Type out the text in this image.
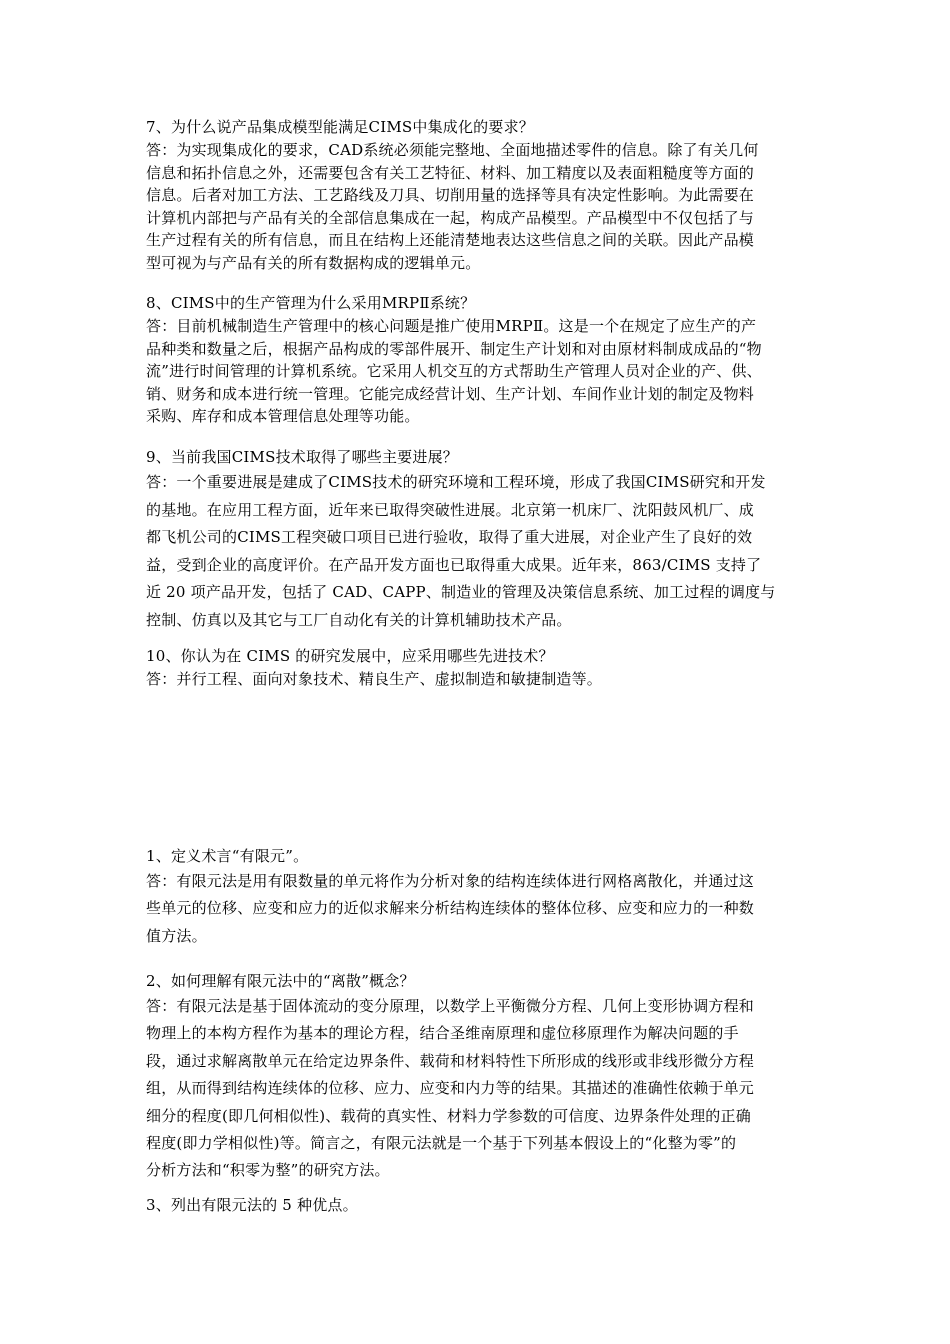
7、为什么说产品集成模型能满足CIMS中集成化的要求？
答：为实现集成化的要求，CAD系统必须能完整地、全面地描述零件的信息。除了有关几何
信息和拓扑信息之外，还需要包含有关工艺特征、材料、加工精度以及表面粗糙度等方面的
信息。后者对加工方法、工艺路线及刀具、切削用量的选择等具有决定性影响。为此需要在
计算机内部把与产品有关的全部信息集成在一起，构成产品模型。产品模型中不仅包括了与
生产过程有关的所有信息，而且在结构上还能清楚地表达这些信息之间的关联。因此产品模
型可视为与产品有关的所有数据构成的逻辑单元。
8、CIMS中的生产管理为什么采用MRPⅡ系统？
答：目前机械制造生产管理中的核心问题是推广使用MRPⅡ。这是一个在规定了应生产的产
品种类和数量之后，根据产品构成的零部件展开、制定生产计划和对由原材料制成成品的“物
流”进行时间管理的计算机系统。它采用人机交互的方式帮助生产管理人员对企业的产、供、
销、财务和成本进行统一管理。它能完成经营计划、生产计划、车间作业计划的制定及物料
采购、库存和成本管理信息处理等功能。
9、当前我国CIMS技术取得了哪些主要进展？
答：一个重要进展是建成了CIMS技术的研究环境和工程环境，形成了我国CIMS研究和开发
的基地。在应用工程方面，近年来已取得突破性进展。北京第一机床厂、沈阳鼓风机厂、成
都飞机公司的CIMS工程突破口项目已进行验收，取得了重大进展，对企业产生了良好的效
益，受到企业的高度评价。在产品开发方面也已取得重大成果。近年来，863/CIMS 支持了
近 20 项产品开发，包括了 CAD、CAPP、制造业的管理及决策信息系统、加工过程的调度与
控制、仿真以及其它与工厂自动化有关的计算机辅助技术产品。
10、你认为在 CIMS 的研究发展中，应采用哪些先进技术？
答：并行工程、面向对象技术、精良生产、虚拟制造和敏捷制造等。
1、定义术言“有限元”。
答：有限元法是用有限数量的单元将作为分析对象的结构连续体进行网格离散化，并通过这
些单元的位移、应变和应力的近似求解来分析结构连续体的整体位移、应变和应力的一种数
值方法。
2、如何理解有限元法中的“离散”概念？
答：有限元法是基于固体流动的变分原理，以数学上平衡微分方程、几何上变形协调方程和
物理上的本构方程作为基本的理论方程，结合圣维南原理和虚位移原理作为解决问题的手
段，通过求解离散单元在给定边界条件、载荷和材料特性下所形成的线形或非线形微分方程
组，从而得到结构连续体的位移、应力、应变和内力等的结果。其描述的准确性依赖于单元
细分的程度(即几何相似性)、载荷的真实性、材料力学参数的可信度、边界条件处理的正确
程度(即力学相似性)等。简言之，有限元法就是一个基于下列基本假设上的“化整为零”的
分析方法和“积零为整”的研究方法。
3、列出有限元法的 5 种优点。
